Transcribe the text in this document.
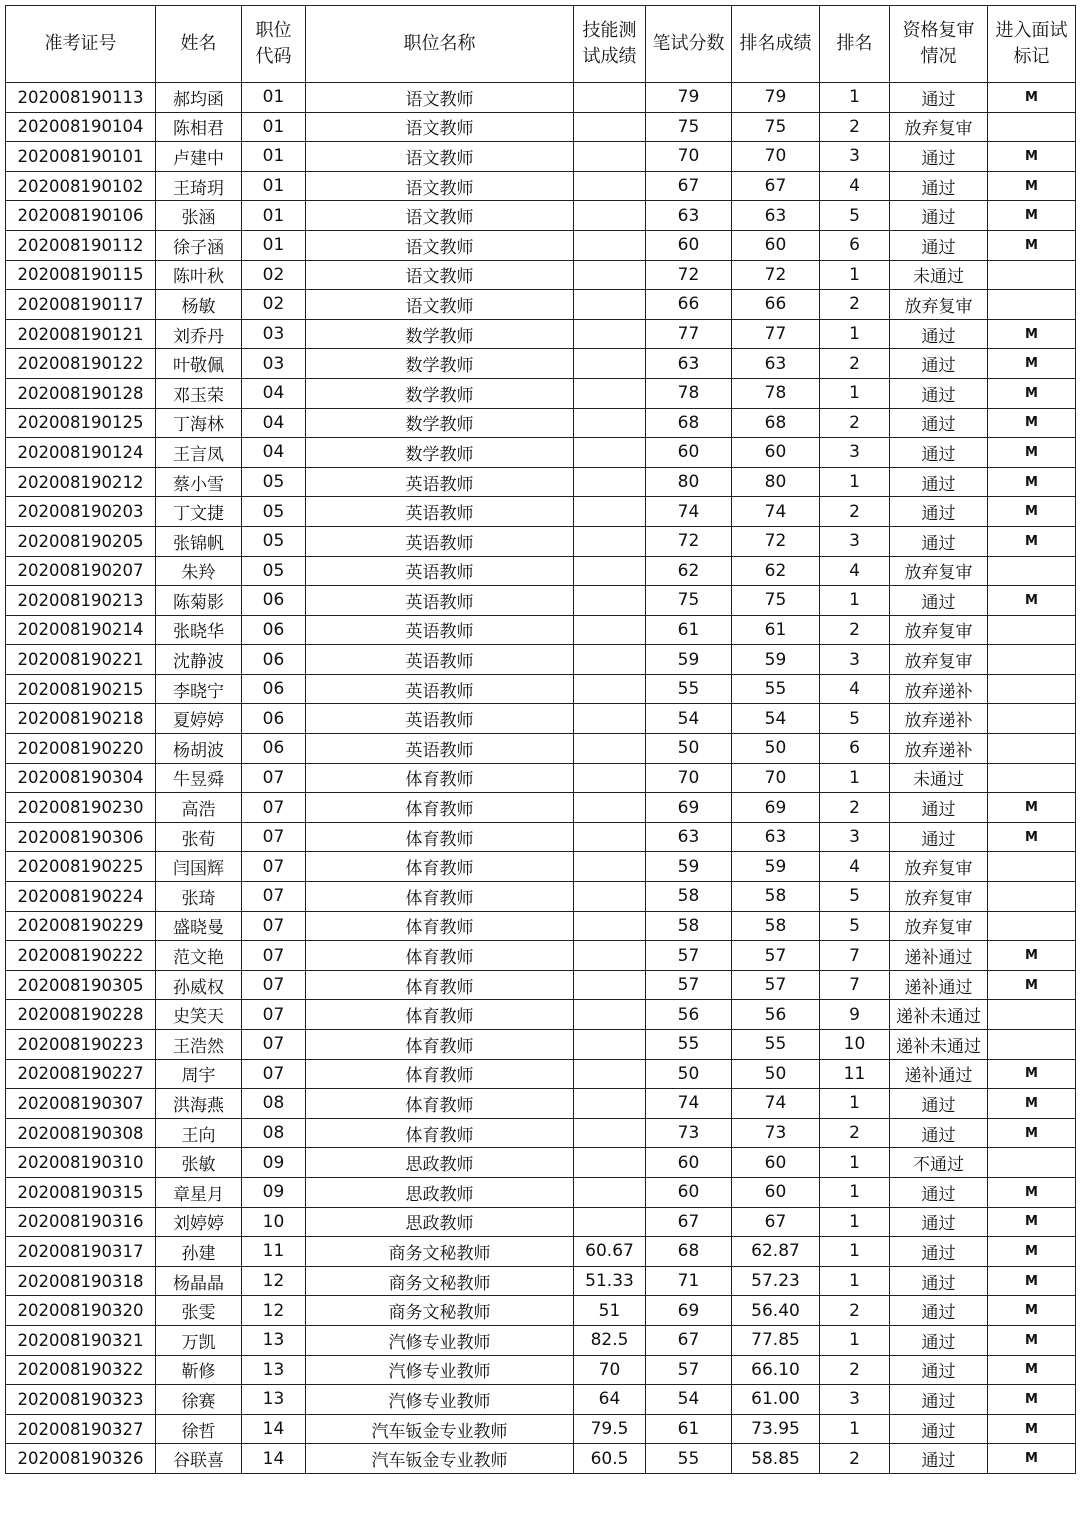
准考证号	姓名	职位代码	职位名称	技能测试成绩	笔试分数	排名成绩	排名	资格复审情况	进入面试标记
202008190113	郝均函	01	语文教师		79	79	1	通过	M
202008190104	陈相君	01	语文教师		75	75	2	放弃复审	
202008190101	卢建中	01	语文教师		70	70	3	通过	M
202008190102	王琦玥	01	语文教师		67	67	4	通过	M
202008190106	张涵	01	语文教师		63	63	5	通过	M
202008190112	徐子涵	01	语文教师		60	60	6	通过	M
202008190115	陈叶秋	02	语文教师		72	72	1	未通过	
202008190117	杨敏	02	语文教师		66	66	2	放弃复审	
202008190121	刘乔丹	03	数学教师		77	77	1	通过	M
202008190122	叶敬佩	03	数学教师		63	63	2	通过	M
202008190128	邓玉荣	04	数学教师		78	78	1	通过	M
202008190125	丁海林	04	数学教师		68	68	2	通过	M
202008190124	王言凤	04	数学教师		60	60	3	通过	M
202008190212	蔡小雪	05	英语教师		80	80	1	通过	M
202008190203	丁文捷	05	英语教师		74	74	2	通过	M
202008190205	张锦帆	05	英语教师		72	72	3	通过	M
202008190207	朱羚	05	英语教师		62	62	4	放弃复审	
202008190213	陈菊影	06	英语教师		75	75	1	通过	M
202008190214	张晓华	06	英语教师		61	61	2	放弃复审	
202008190221	沈静波	06	英语教师		59	59	3	放弃复审	
202008190215	李晓宁	06	英语教师		55	55	4	放弃递补	
202008190218	夏婷婷	06	英语教师		54	54	5	放弃递补	
202008190220	杨胡波	06	英语教师		50	50	6	放弃递补	
202008190304	牛昱舜	07	体育教师		70	70	1	未通过	
202008190230	高浩	07	体育教师		69	69	2	通过	M
202008190306	张荀	07	体育教师		63	63	3	通过	M
202008190225	闫国辉	07	体育教师		59	59	4	放弃复审	
202008190224	张琦	07	体育教师		58	58	5	放弃复审	
202008190229	盛晓曼	07	体育教师		58	58	5	放弃复审	
202008190222	范文艳	07	体育教师		57	57	7	递补通过	M
202008190305	孙威权	07	体育教师		57	57	7	递补通过	M
202008190228	史笑天	07	体育教师		56	56	9	递补未通过	
202008190223	王浩然	07	体育教师		55	55	10	递补未通过	
202008190227	周宇	07	体育教师		50	50	11	递补通过	M
202008190307	洪海燕	08	体育教师		74	74	1	通过	M
202008190308	王向	08	体育教师		73	73	2	通过	M
202008190310	张敏	09	思政教师		60	60	1	不通过	
202008190315	章星月	09	思政教师		60	60	1	通过	M
202008190316	刘婷婷	10	思政教师		67	67	1	通过	M
202008190317	孙建	11	商务文秘教师	60.67	68	62.87	1	通过	M
202008190318	杨晶晶	12	商务文秘教师	51.33	71	57.23	1	通过	M
202008190320	张雯	12	商务文秘教师	51	69	56.40	2	通过	M
202008190321	万凯	13	汽修专业教师	82.5	67	77.85	1	通过	M
202008190322	靳修	13	汽修专业教师	70	57	66.10	2	通过	M
202008190323	徐赛	13	汽修专业教师	64	54	61.00	3	通过	M
202008190327	徐哲	14	汽车钣金专业教师	79.5	61	73.95	1	通过	M
202008190326	谷联喜	14	汽车钣金专业教师	60.5	55	58.85	2	通过	M
